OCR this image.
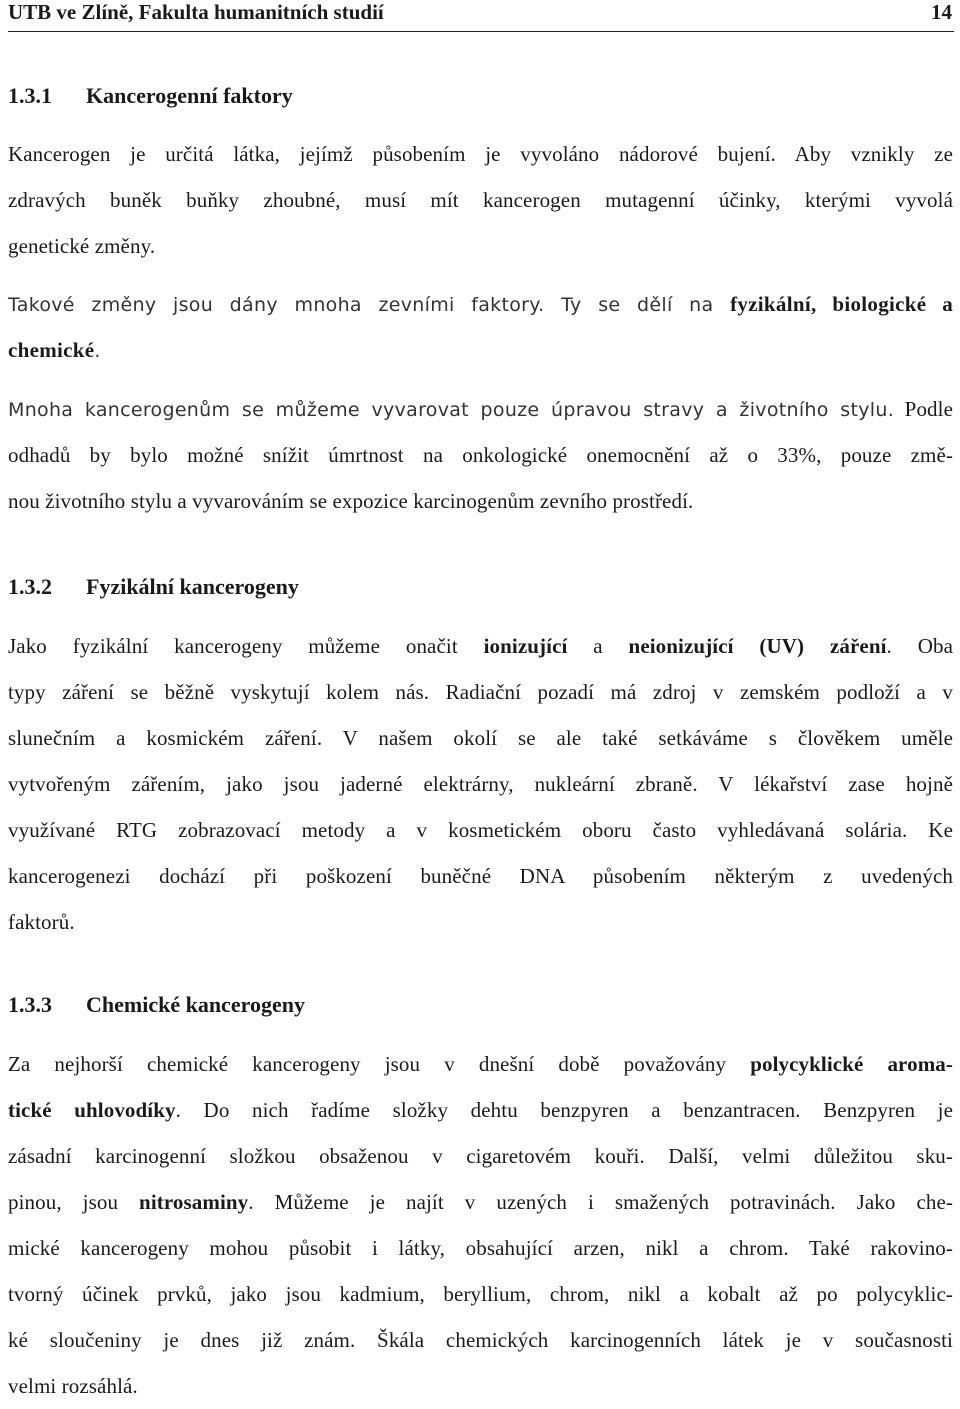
UTB ve Zlíně, Fakulta humanitních studií	14
1.3.1 Kancerogenní faktory
Kancerogen je určitá látka, jejímž působením je vyvoláno nádorové bujení. Aby vznikly ze
zdravých buněk buňky zhoubné, musí mít kancerogen mutagenní účinky, kterými vyvolá
genetické změny.
Takové změny jsou dány mnoha zevními faktory. Ty se dělí na fyzikální, biologické a
chemické.
Mnoha kancerogenům se můžeme vyvarovat pouze úpravou stravy a životního stylu. Podle
odhadů by bylo možné snížit úmrtnost na onkologické onemocnění až o 33%, pouze změ-
nou životního stylu a vyvarováním se expozice karcinogenům zevního prostředí.
1.3.2 Fyzikální kancerogeny
Jako fyzikální kancerogeny můžeme onačit ionizující a neionizující (UV) záření. Oba
typy záření se běžně vyskytují kolem nás. Radiační pozadí má zdroj v zemském podloží a v
slunečním a kosmickém záření. V našem okolí se ale také setkáváme s člověkem uměle
vytvořeným zářením, jako jsou jaderné elektrárny, nukleární zbraně. V lékařství zase hojně
využívané RTG zobrazovací metody a v kosmetickém oboru často vyhledávaná solária. Ke
kancerogenezi dochází při poškození buněčné DNA působením některým z uvedených
faktorů.
1.3.3 Chemické kancerogeny
Za nejhorší chemické kancerogeny jsou v dnešní době považovány polycyklické aroma-
tické uhlovodíky. Do nich řadíme složky dehtu benzpyren a benzantracen. Benzpyren je
zásadní karcinogenní složkou obsaženou v cigaretovém kouři. Další, velmi důležitou sku-
pinou, jsou nitrosaminy. Můžeme je najít v uzených i smažených potravinách. Jako che-
mické kancerogeny mohou působit i látky, obsahující arzen, nikl a chrom. Také rakovino-
tvorný účinek prvků, jako jsou kadmium, beryllium, chrom, nikl a kobalt až po polycyklic-
ké sloučeniny je dnes již znám. Škála chemických karcinogenních látek je v současnosti
velmi rozsáhlá.
